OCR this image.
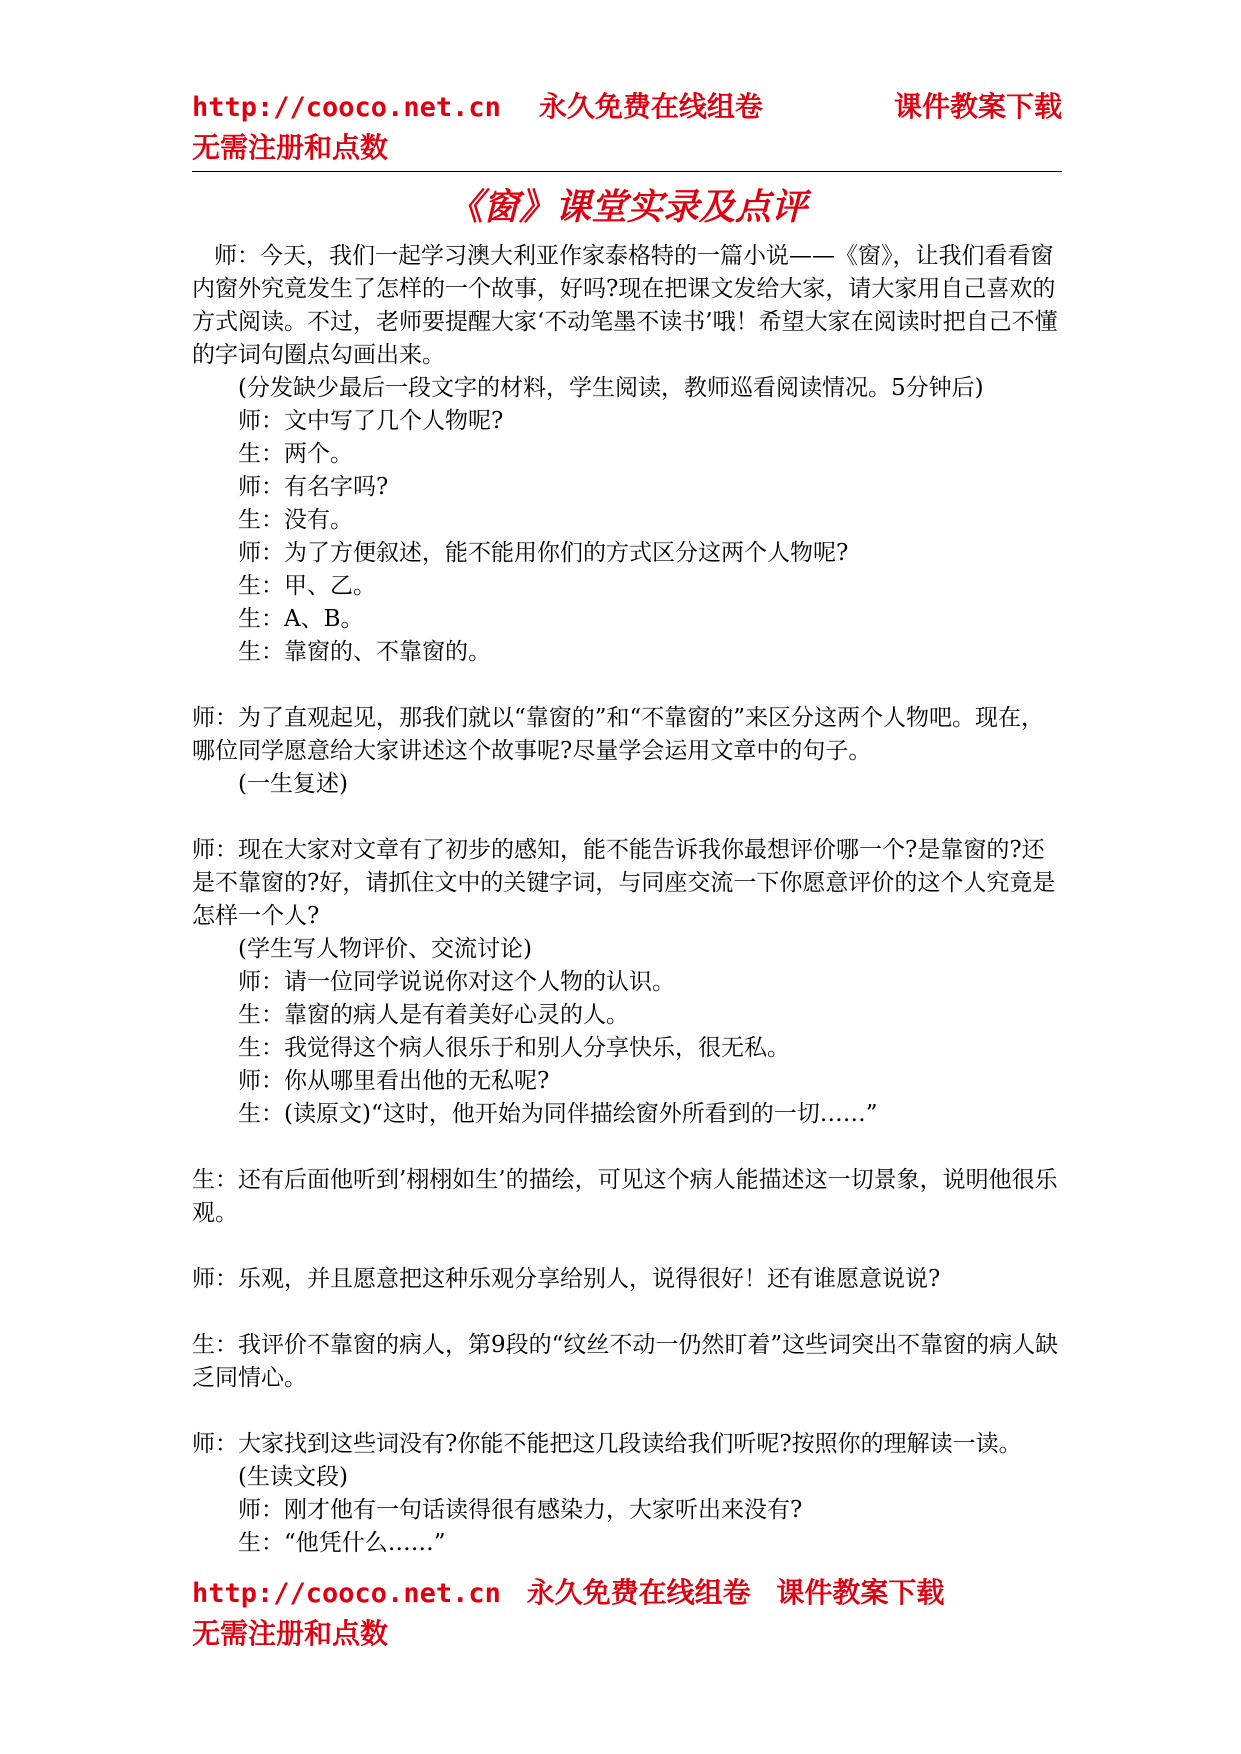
http://cooco.net.cn 永久免费在线组卷	课件教案下载
无需注册和点数
《窗》课堂实录及点评

师：今天，我们一起学习澳大利亚作家泰格特的一篇小说——《窗》，让我们看看窗内窗外究竟发生了怎样的一个故事，好吗?现在把课文发给大家，请大家用自己喜欢的方式阅读。不过，老师要提醒大家‘不动笔墨不读书’哦！希望大家在阅读时把自己不懂的字词句圈点勾画出来。

(分发缺少最后一段文字的材料，学生阅读，教师巡看阅读情况。5分钟后)

师：文中写了几个人物呢?

生：两个。

师：有名字吗?

生：没有。

师：为了方便叙述，能不能用你们的方式区分这两个人物呢?

生：甲、乙。

生：A、B。

生：靠窗的、不靠窗的。

师：为了直观起见，那我们就以“靠窗的”和“不靠窗的”来区分这两个人物吧。现在，哪位同学愿意给大家讲述这个故事呢?尽量学会运用文章中的句子。

(一生复述)

师：现在大家对文章有了初步的感知，能不能告诉我你最想评价哪一个?是靠窗的?还是不靠窗的?好，请抓住文中的关键字词，与同座交流一下你愿意评价的这个人究竟是怎样一个人?

(学生写人物评价、交流讨论)

师：请一位同学说说你对这个人物的认识。

生：靠窗的病人是有着美好心灵的人。

生：我觉得这个病人很乐于和别人分享快乐，很无私。

师：你从哪里看出他的无私呢?

生：(读原文)“这时，他开始为同伴描绘窗外所看到的一切……”

生：还有后面他听到’栩栩如生’的描绘，可见这个病人能描述这一切景象，说明他很乐观。

师：乐观，并且愿意把这种乐观分享给别人，说得很好！还有谁愿意说说?

生：我评价不靠窗的病人，第9段的“纹丝不动一仍然盯着”这些词突出不靠窗的病人缺乏同情心。

师：大家找到这些词没有?你能不能把这几段读给我们听呢?按照你的理解读一读。

(生读文段)

师：刚才他有一句话读得很有感染力，大家听出来没有?

生：“他凭什么……”

http://cooco.net.cn 永久免费在线组卷 课件教案下载
无需注册和点数
